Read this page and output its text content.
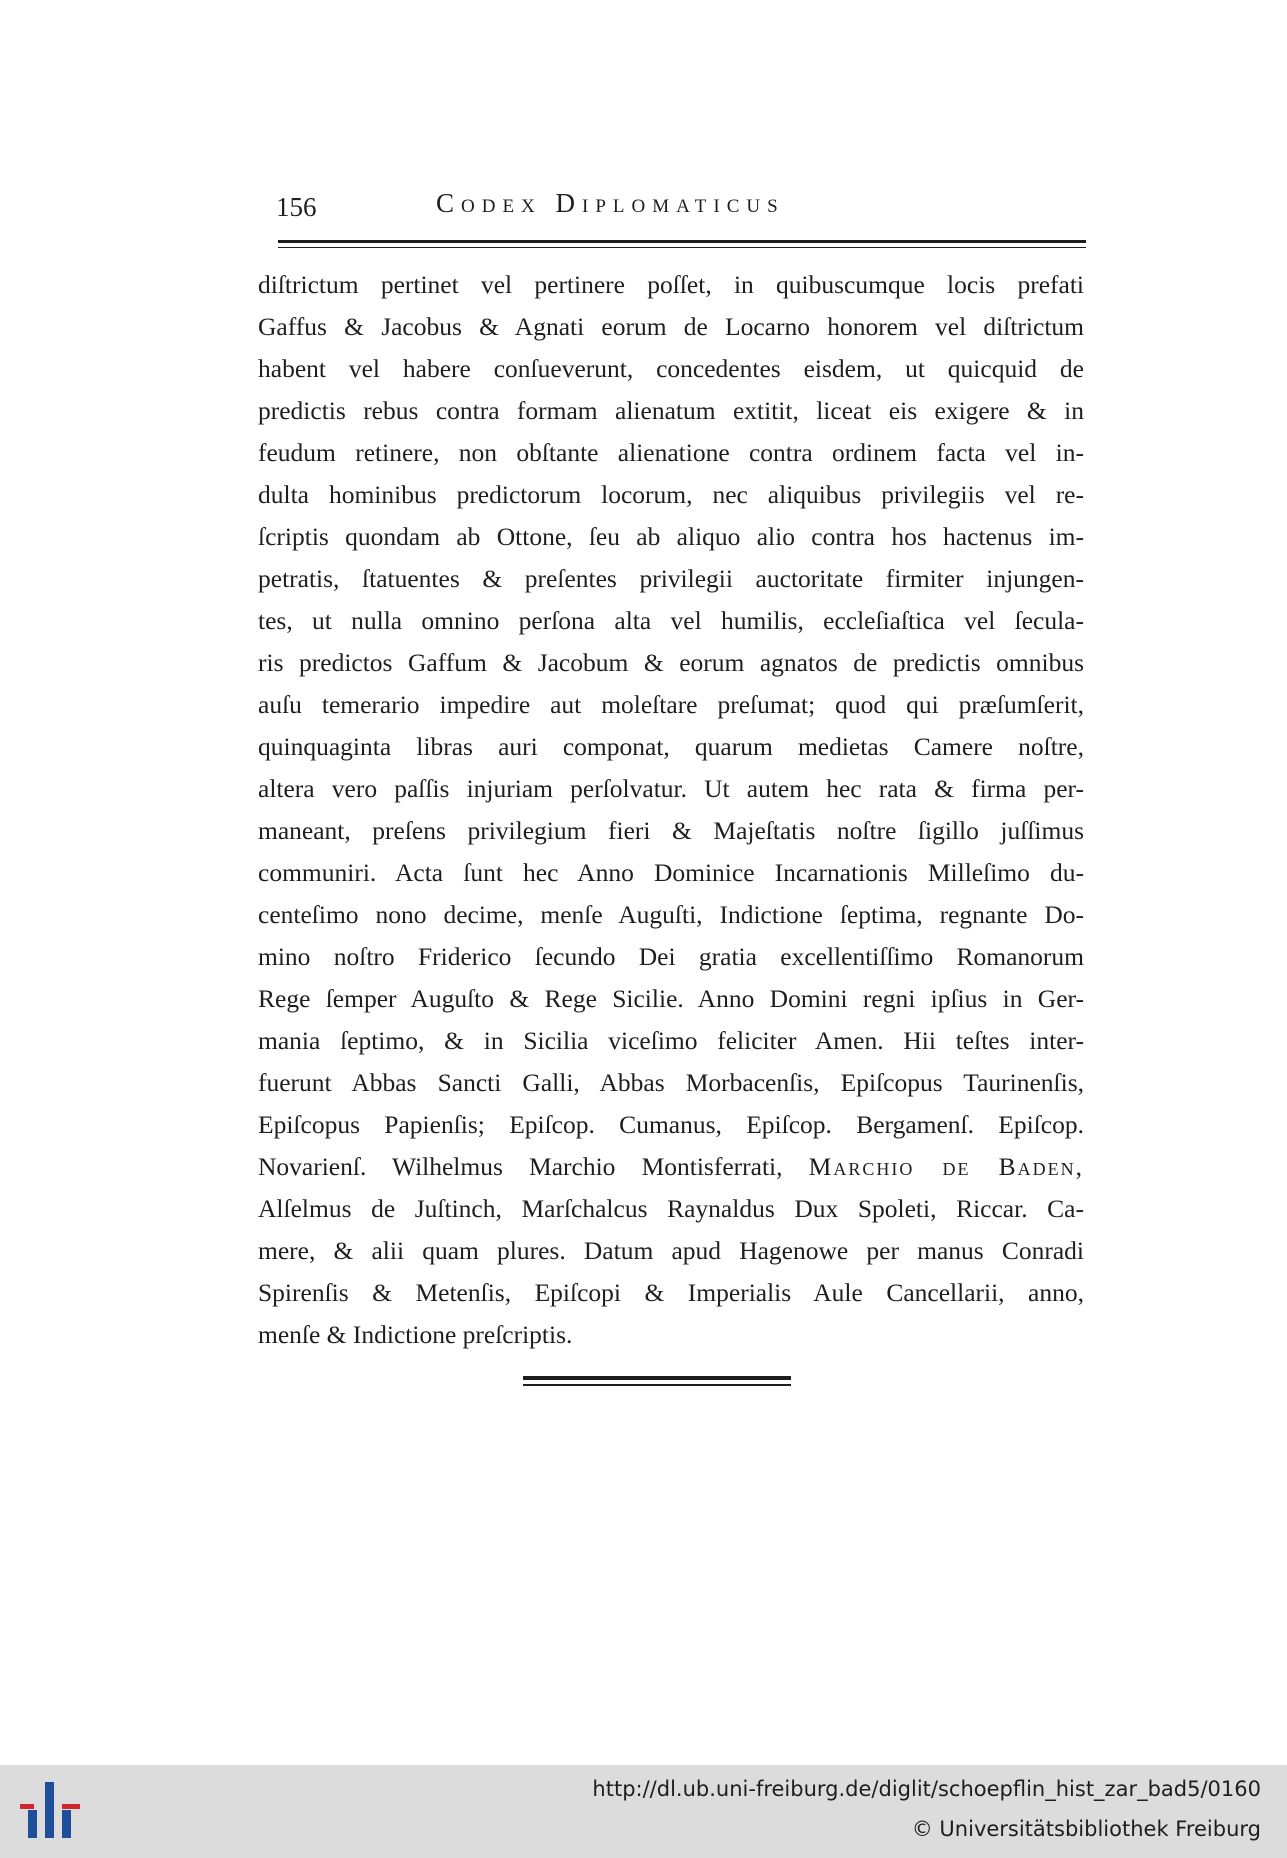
156	Codex Diplomaticus
diſtrictum pertinet vel pertinere poſſet, in quibuscumque locis prefati
Gaffus & Jacobus & Agnati eorum de Locarno honorem vel diſtrictum
habent vel habere conſueverunt, concedentes eisdem, ut quicquid de
predictis rebus contra formam alienatum extitit, liceat eis exigere & in
feudum retinere, non obſtante alienatione contra ordinem facta vel in-
dulta hominibus predictorum locorum, nec aliquibus privilegiis vel re-
ſcriptis quondam ab Ottone, ſeu ab aliquo alio contra hos hactenus im-
petratis, ſtatuentes & preſentes privilegii auctoritate firmiter injungen-
tes, ut nulla omnino perſona alta vel humilis, eccleſiaſtica vel ſecula-
ris predictos Gaffum & Jacobum & eorum agnatos de predictis omnibus
auſu temerario impedire aut moleſtare preſumat; quod qui præſumſerit,
quinquaginta libras auri componat, quarum medietas Camere noſtre,
altera vero paſſis injuriam perſolvatur. Ut autem hec rata & firma per-
maneant, preſens privilegium fieri & Majeſtatis noſtre ſigillo juſſimus
communiri. Acta ſunt hec Anno Dominice Incarnationis Milleſimo du-
centeſimo nono decime, menſe Auguſti, Indictione ſeptima, regnante Do-
mino noſtro Friderico ſecundo Dei gratia excellentiſſimo Romanorum
Rege ſemper Auguſto & Rege Sicilie. Anno Domini regni ipſius in Ger-
mania ſeptimo, & in Sicilia viceſimo feliciter Amen. Hii teſtes inter-
fuerunt Abbas Sancti Galli, Abbas Morbacenſis, Epiſcopus Taurinenſis,
Epiſcopus Papienſis; Epiſcop. Cumanus, Epiſcop. Bergamenſ. Epiſcop.
Novarienſ. Wilhelmus Marchio Montisferrati, Marchio de Baden,
Alſelmus de Juſtinch, Marſchalcus Raynaldus Dux Spoleti, Riccar. Ca-
mere, & alii quam plures. Datum apud Hagenowe per manus Conradi
Spirenſis & Metenſis, Epiſcopi & Imperialis Aule Cancellarii, anno,
menſe & Indictione preſcriptis.
http://dl.ub.uni-freiburg.de/diglit/schoepflin_hist_zar_bad5/0160
© Universitätsbibliothek Freiburg
